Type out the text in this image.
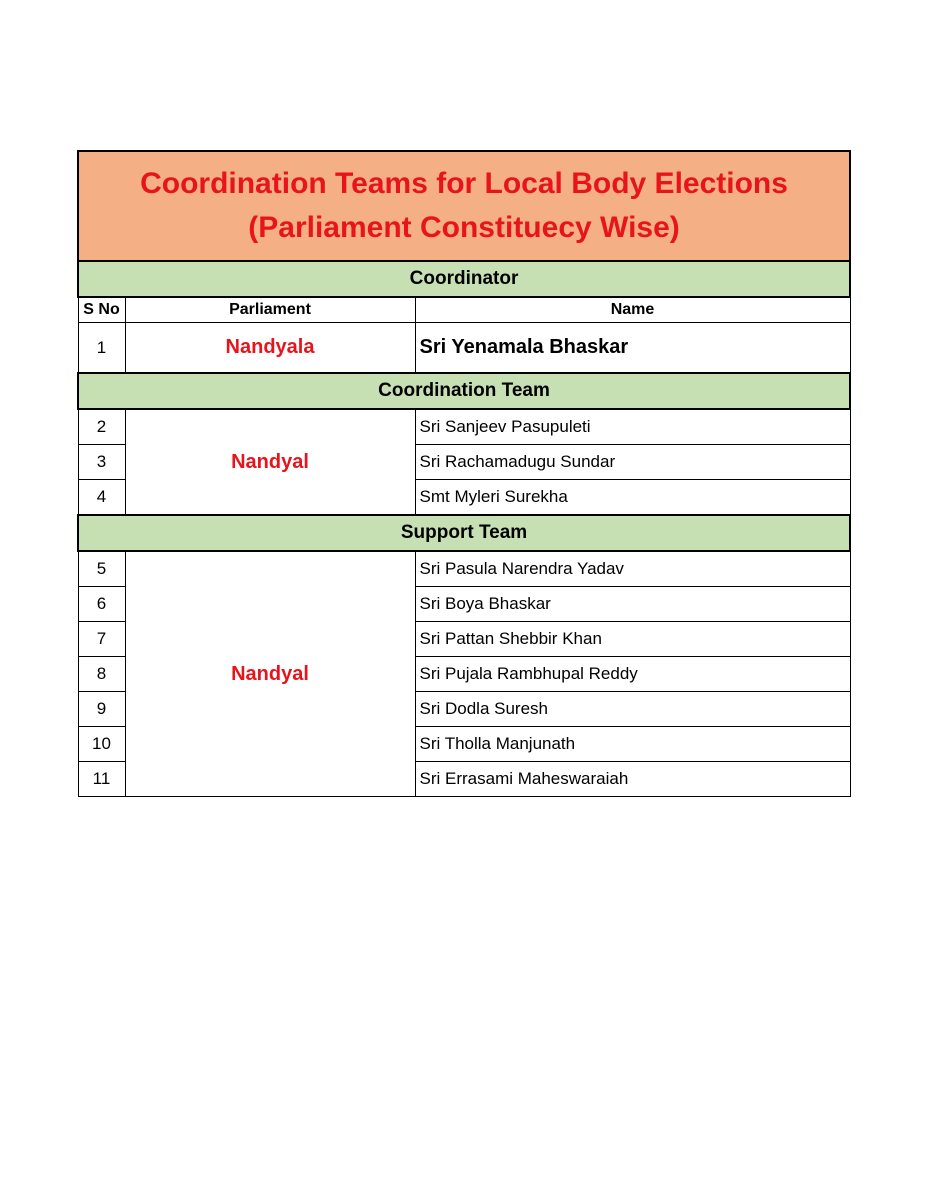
Coordination Teams for Local Body Elections
(Parliament Constituecy Wise)		

Coordinator		
S No	Parliament	Name
1	Nandyala	Sri Yenamala Bhaskar
Coordination Team		
2	Nandyal	Sri Sanjeev Pasupuleti
3		Sri Rachamadugu Sundar
4		Smt Myleri Surekha
Support Team		
5	Nandyal	Sri Pasula Narendra Yadav
6		Sri Boya Bhaskar
7		Sri Pattan Shebbir Khan
8		Sri Pujala Rambhupal Reddy
9		Sri Dodla Suresh
10		Sri Tholla Manjunath
11		Sri Errasami Maheswaraiah
